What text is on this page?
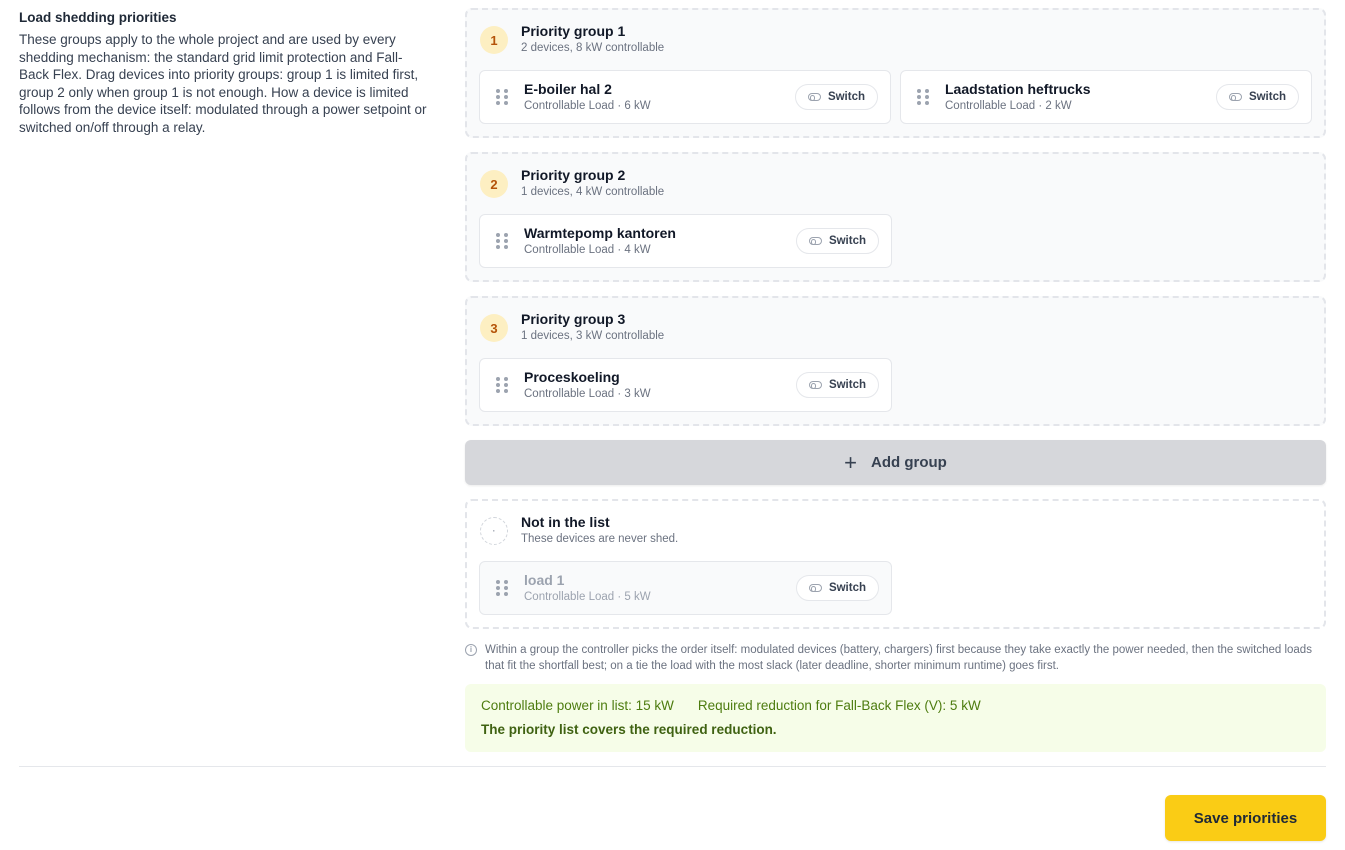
Load shedding priorities

These groups apply to the whole project and are used by every shedding mechanism: the standard grid limit protection and Fall-Back Flex. Drag devices into priority groups: group 1 is limited first, group 2 only when group 1 is not enough. How a device is limited follows from the device itself: modulated through a power setpoint or switched on/off through a relay.

1
Priority group 1
2 devices, 8 kW controllable
E-boiler hal 2
Controllable Load · 6 kW
Switch	Laadstation heftrucks
Controllable Load · 2 kW
Switch
2
Priority group 2
1 devices, 4 kW controllable
Warmtepomp kantoren
Controllable Load · 4 kW
Switch
3
Priority group 3
1 devices, 3 kW controllable
Proceskoeling
Controllable Load · 3 kW
Switch
+ Add group
·
Not in the list
These devices are never shed.
load 1
Controllable Load · 5 kW
Switch
i	Within a group the controller picks the order itself: modulated devices (battery, chargers) first because they take exactly the power needed, then the switched loads that fit the shortfall best; on a tie the load with the most slack (later deadline, shorter minimum runtime) goes first.
Controllable power in list: 15 kW Required reduction for Fall-Back Flex (V): 5 kW
The priority list covers the required reduction.
Save priorities
